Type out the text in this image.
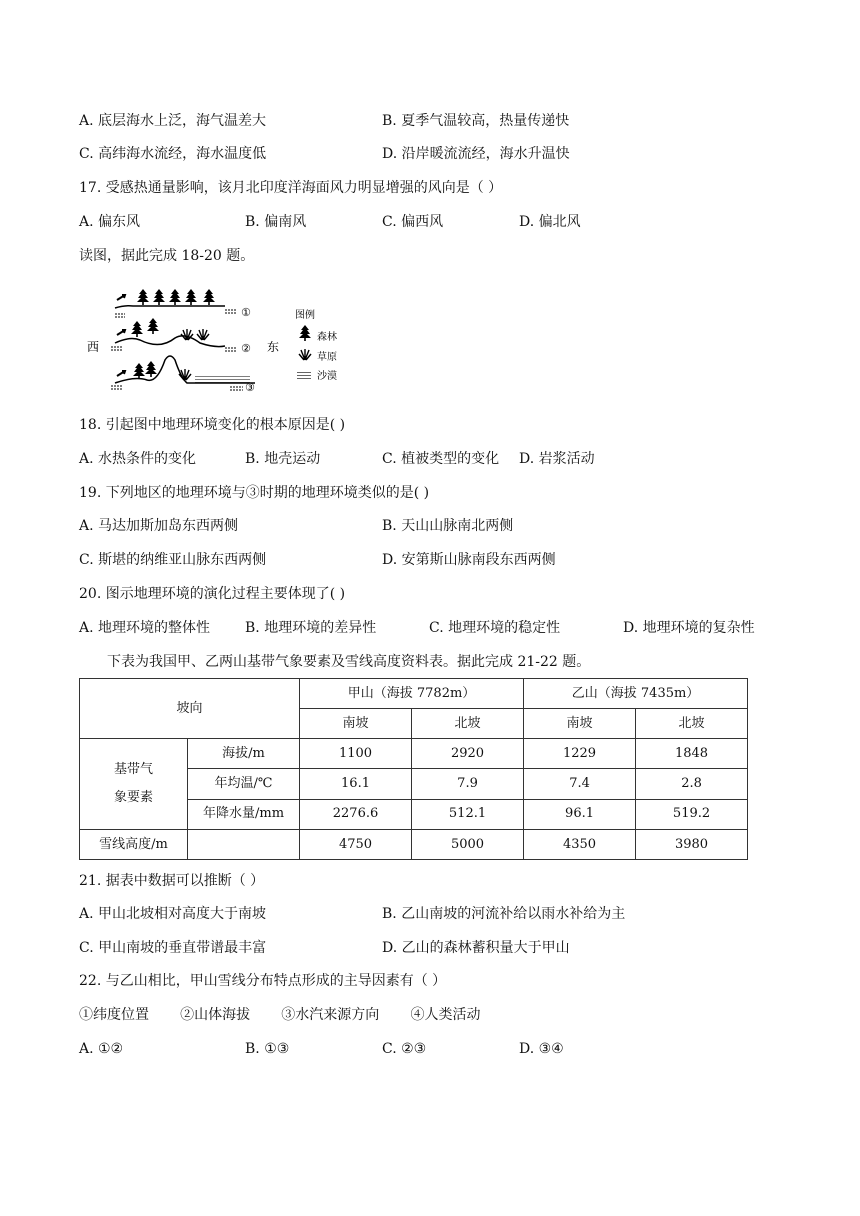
A. 底层海水上泛，海气温差大	B. 夏季气温较高，热量传递快
C. 高纬海水流经，海水温度低	D. 沿岸暖流流经，海水升温快
17. 受感热通量影响，该月北印度洋海面风力明显增强的风向是（ ）
A. 偏东风	B. 偏南风	C. 偏西风	D. 偏北风
读图，据此完成 18-20 题。
①
②
③
西	东
图例
森林
草原
沙漠
18. 引起图中地理环境变化的根本原因是( )
A. 水热条件的变化	B. 地壳运动	C. 植被类型的变化 D. 岩浆活动
19. 下列地区的地理环境与③时期的地理环境类似的是( )
A. 马达加斯加岛东西两侧	B. 天山山脉南北两侧
C. 斯堪的纳维亚山脉东西两侧	D. 安第斯山脉南段东西两侧
20. 图示地理环境的演化过程主要体现了( )
A. 地理环境的整体性 B. 地理环境的差异性	C. 地理环境的稳定性	D. 地理环境的复杂性
下表为我国甲、乙两山基带气象要素及雪线高度资料表。据此完成 21-22 题。
坡向		甲山（海拔 7782m）		乙山（海拔 7435m）	
		南坡	北坡	南坡	北坡

基带气
象要素	海拔/m	1100	2920	1229	1848
	年均温/℃	16.1	7.9	7.4	2.8
	年降水量/mm	2276.6	512.1	96.1	519.2
雪线高度/m		4750	5000	4350	3980
21. 据表中数据可以推断（ ）
A. 甲山北坡相对高度大于南坡	B. 乙山南坡的河流补给以雨水补给为主
C. 甲山南坡的垂直带谱最丰富	D. 乙山的森林蓄积量大于甲山
22. 与乙山相比，甲山雪线分布特点形成的主导因素有（ ）
①纬度位置       ②山体海拔       ③水汽来源方向       ④人类活动
A. ①②	B. ①③	C. ②③	D. ③④
